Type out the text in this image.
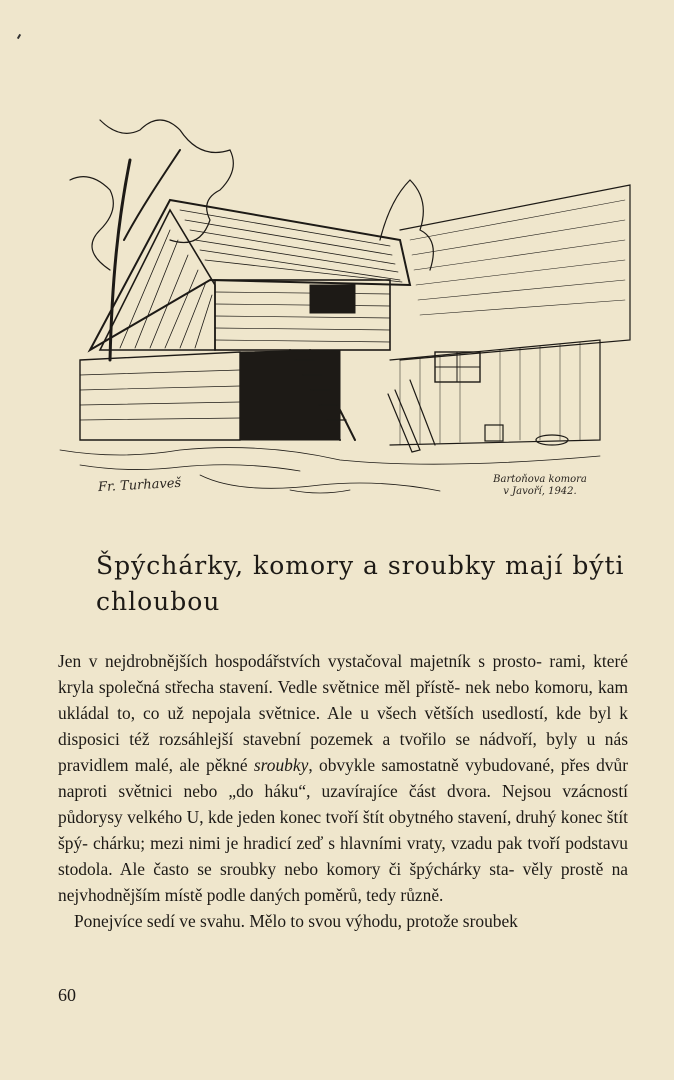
Fr. Turhaveš	Bartoňova komora
v Javoří, 1942.
Špýchárky, komory a sroubky mají býti
chloubou

Jen v nejdrobnějších hospodářstvích vystačoval majetník s prosto- rami, které kryla společná střecha stavení. Vedle světnice měl přístě- nek nebo komoru, kam ukládal to, co už nepojala světnice. Ale u všech větších usedlostí, kde byl k disposici též rozsáhlejší stavební pozemek a tvořilo se nádvoří, byly u nás pravidlem malé, ale pěkné sroubky, obvykle samostatně vybudované, přes dvůr naproti světnici nebo „do háku“, uzavírajíce část dvora. Nejsou vzácností půdorysy velkého U, kde jeden konec tvoří štít obytného stavení, druhý konec štít špý- chárku; mezi nimi je hradicí zeď s hlavními vraty, vzadu pak tvoří podstavu stodola. Ale často se sroubky nebo komory či špýchárky sta- věly prostě na nejvhodnějším místě podle daných poměrů, tedy různě.

Ponejvíce sedí ve svahu. Mělo to svou výhodu, protože sroubek

60
